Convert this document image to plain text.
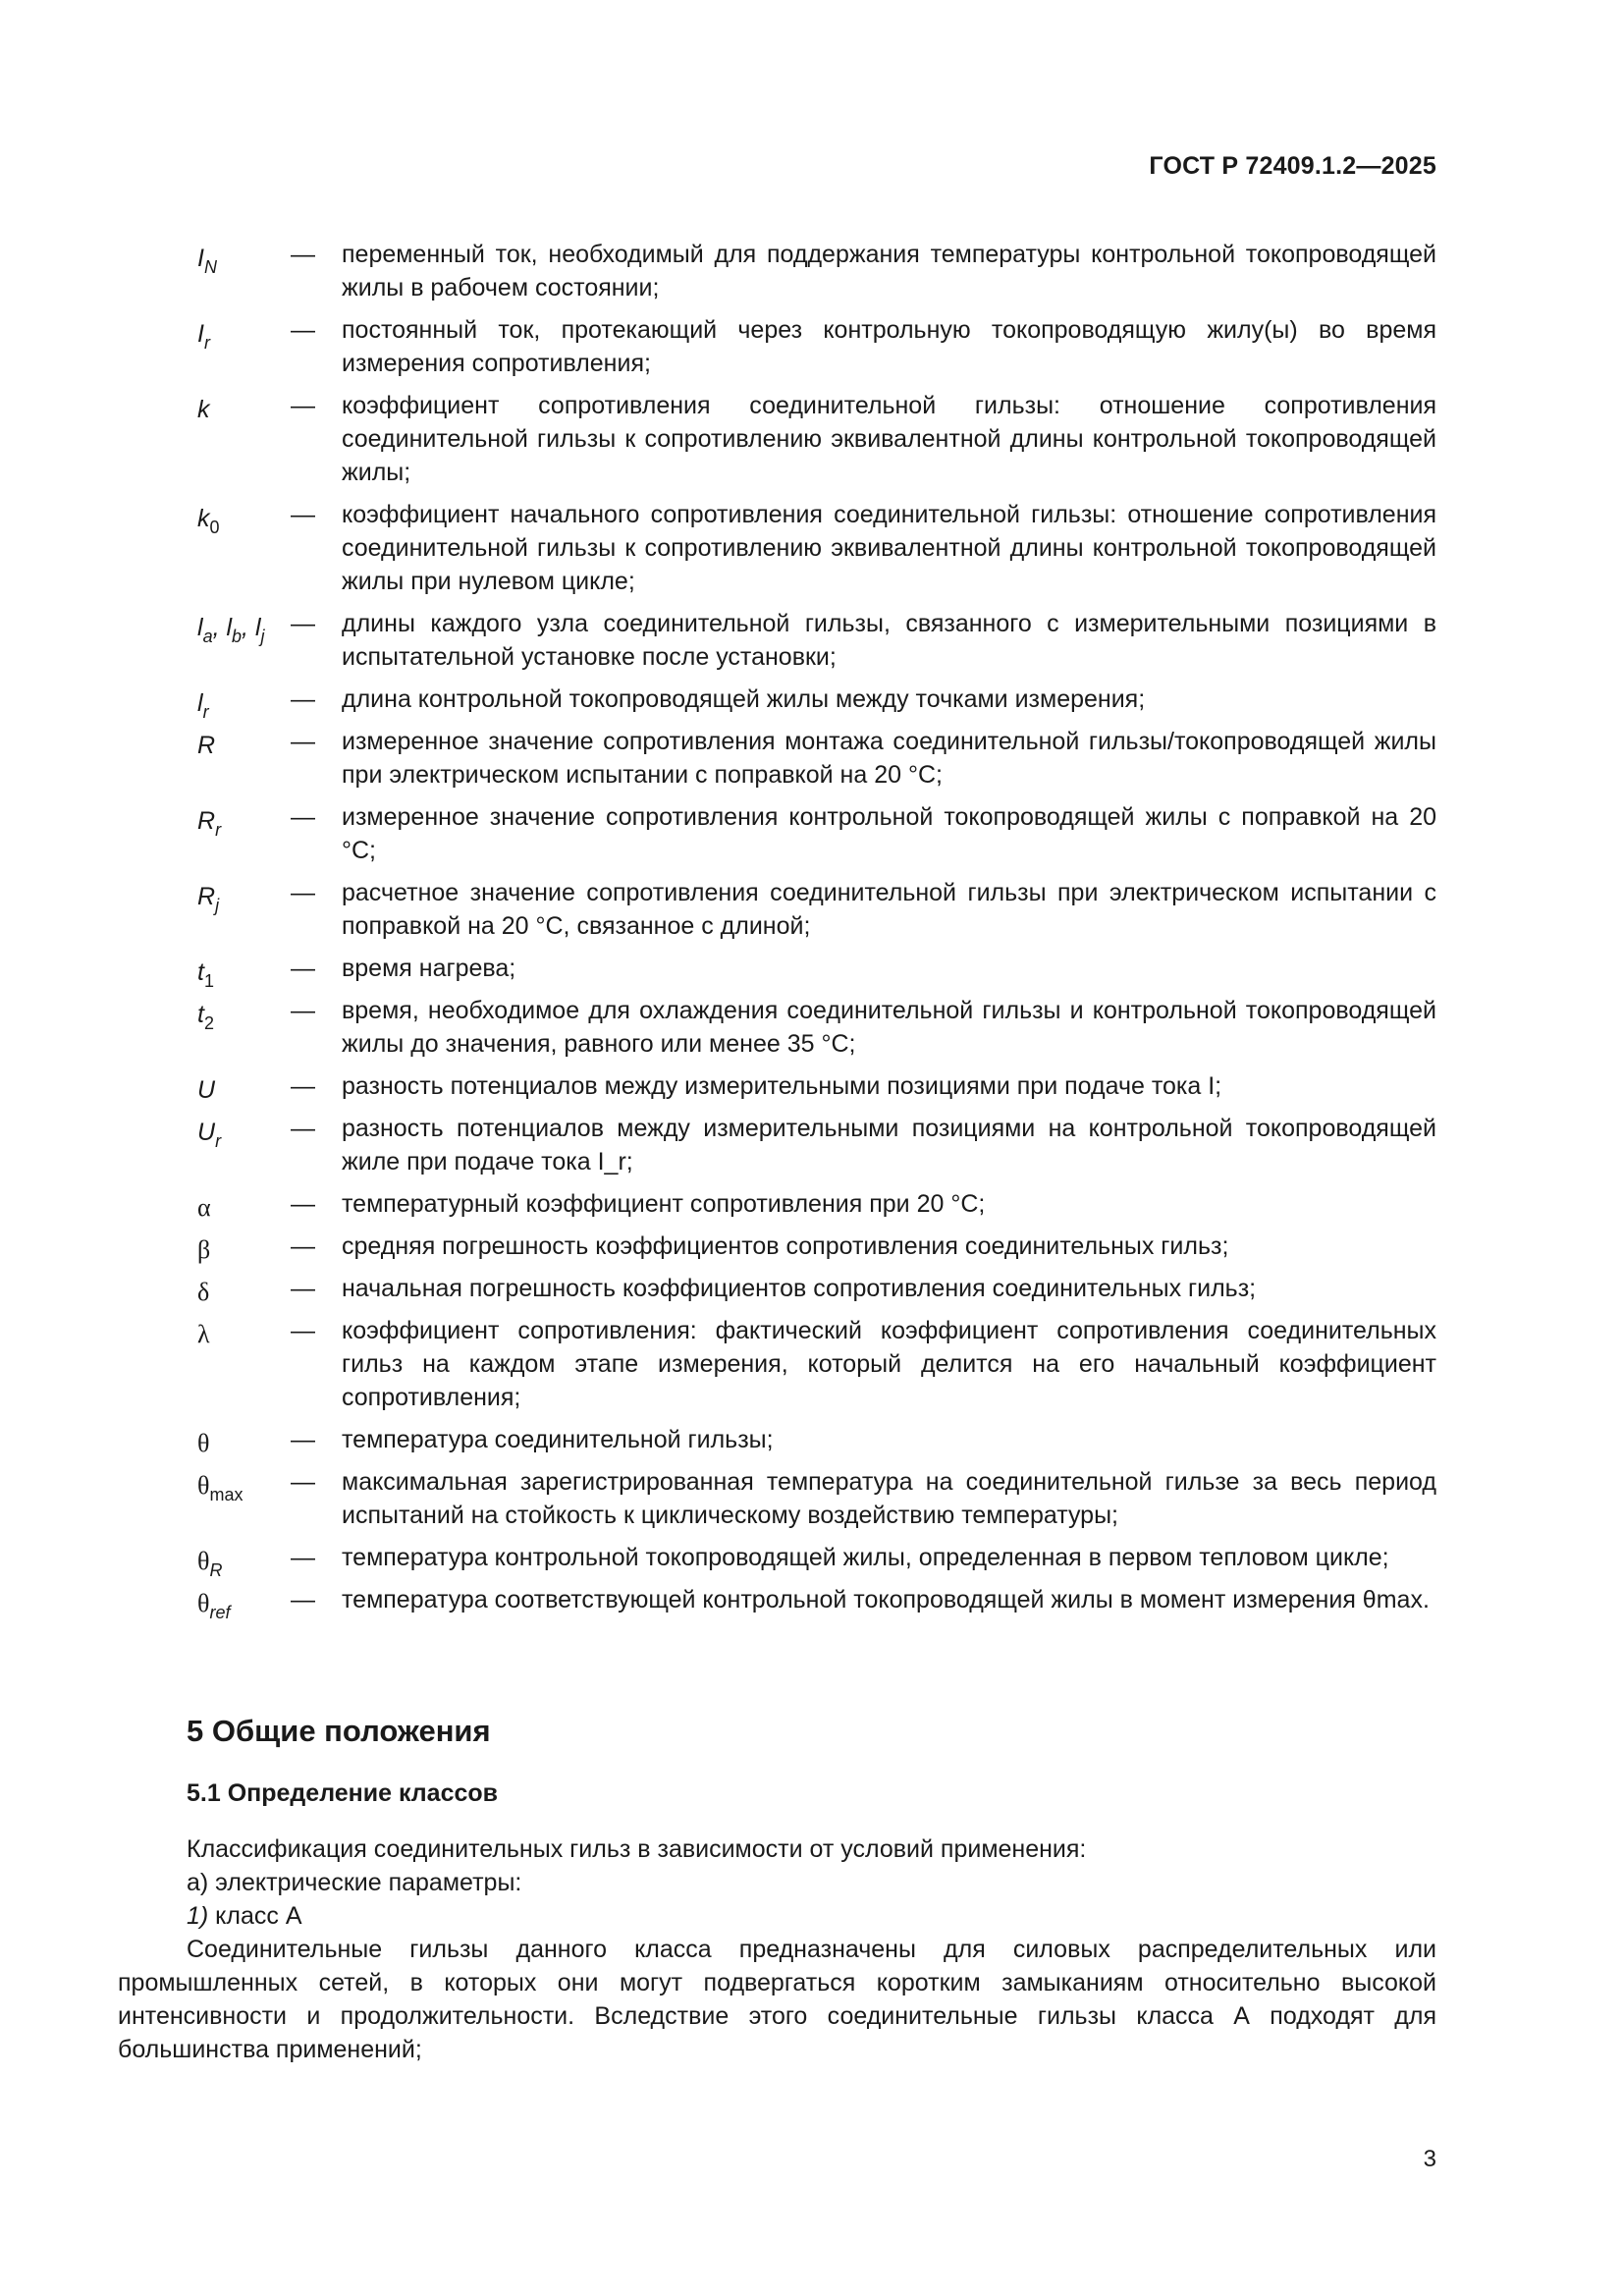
ГОСТ Р 72409.1.2—2025
$I_N$	—	переменный ток, необходимый для поддержания температуры контрольной токопроводящей жилы в рабочем состоянии;
$I_r$	—	постоянный ток, протекающий через контрольную токопроводящую жилу(ы) во время измерения сопротивления;
k	—	коэффициент сопротивления соединительной гильзы: отношение сопротивления соединительной гильзы к сопротивлению эквивалентной длины контрольной токопроводящей жилы;
$k_0$	—	коэффициент начального сопротивления соединительной гильзы: отношение сопротивления соединительной гильзы к сопротивлению эквивалентной длины контрольной токопроводящей жилы при нулевом цикле;
$l_a$, $l_b$, $l_j$	—	длины каждого узла соединительной гильзы, связанного с измерительными позициями в испытательной установке после установки;
$l_r$	—	длина контрольной токопроводящей жилы между точками измерения;
R	—	измеренное значение сопротивления монтажа соединительной гильзы/токопроводящей жилы при электрическом испытании с поправкой на 20 °С;
$R_r$	—	измеренное значение сопротивления контрольной токопроводящей жилы с поправкой на 20 °С;
$R_j$	—	расчетное значение сопротивления соединительной гильзы при электрическом испытании с поправкой на 20 °С, связанное с длиной;
$t_1$	—	время нагрева;
$t_2$	—	время, необходимое для охлаждения соединительной гильзы и контрольной токопроводящей жилы до значения, равного или менее 35 °С;
U	—	разность потенциалов между измерительными позициями при подаче тока I;
$U_r$	—	разность потенциалов между измерительными позициями на контрольной токопроводящей жиле при подаче тока I_r;
α	—	температурный коэффициент сопротивления при 20 °С;
β	—	средняя погрешность коэффициентов сопротивления соединительных гильз;
δ	—	начальная погрешность коэффициентов сопротивления соединительных гильз;
λ	—	коэффициент сопротивления: фактический коэффициент сопротивления соединительных гильз на каждом этапе измерения, который делится на его начальный коэффициент сопротивления;
θ	—	температура соединительной гильзы;
$\theta_{max}$	—	максимальная зарегистрированная температура на соединительной гильзе за весь период испытаний на стойкость к циклическому воздействию температуры;
$\theta_R$	—	температура контрольной токопроводящей жилы, определенная в первом тепловом цикле;
$\theta_{ref}$	—	температура соответствующей контрольной токопроводящей жилы в момент измерения θmax.
5 Общие положения
5.1 Определение классов

Классификация соединительных гильз в зависимости от условий применения:

а) электрические параметры:

1) класс А

Соединительные гильзы данного класса предназначены для силовых распределительных или промышленных сетей, в которых они могут подвергаться коротким замыканиям относительно высокой интенсивности и продолжительности. Вследствие этого соединительные гильзы класса А подходят для большинства применений;

3
